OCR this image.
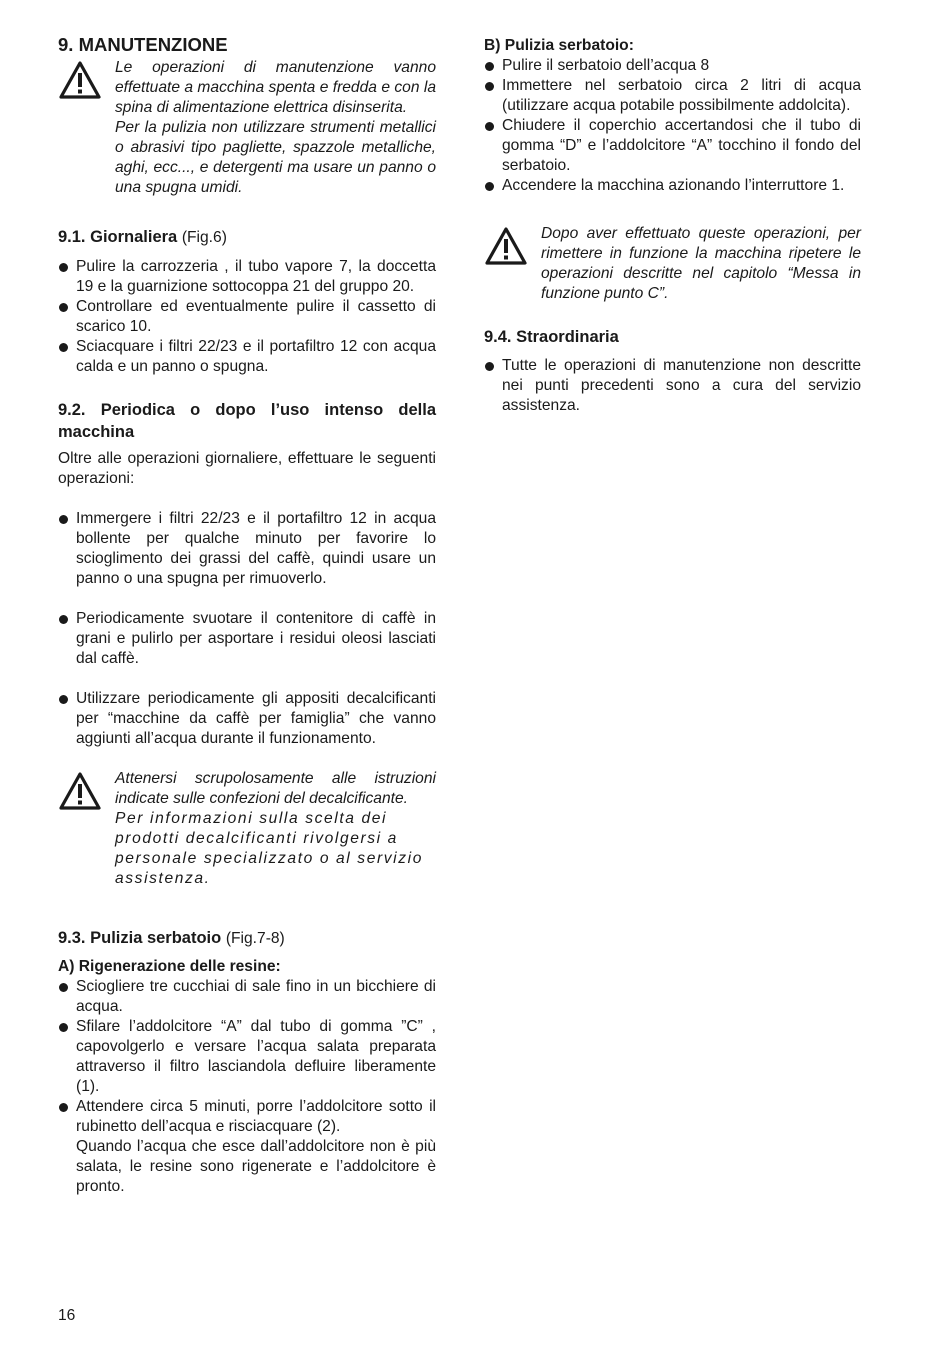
9. MANUTENZIONE

Le operazioni di manutenzione vanno effettuate a macchina spenta e fredda e con la spina di alimentazione elettrica disinserita.

Per la pulizia non utilizzare strumenti metallici o abrasivi tipo pagliette, spazzole metalliche, aghi, ecc..., e detergenti ma usare un panno o una spugna umidi.

9.1. Giornaliera (Fig.6)
Pulire la carrozzeria , il tubo vapore 7, la doccetta 19 e la guarnizione sottocoppa 21 del gruppo 20.
Controllare ed eventualmente pulire il cassetto di scarico 10.
Sciacquare i filtri 22/23 e il portafiltro 12 con acqua calda e un panno o spugna.
9.2. Periodica o dopo l’uso intenso della macchina

Oltre alle operazioni giornaliere, effettuare le seguenti operazioni:

Immergere i filtri 22/23 e il portafiltro 12 in acqua bollente per qualche minuto per favorire lo scioglimento dei grassi del caffè, quindi usare un panno o una spugna per rimuoverlo.
Periodicamente svuotare il contenitore di caffè in grani e pulirlo per asportare i residui oleosi lasciati dal caffè.
Utilizzare periodicamente gli appositi decalcificanti per “macchine da caffè per famiglia” che vanno aggiunti all’acqua durante il funzionamento.

Attenersi scrupolosamente alle istruzioni indicate sulle confezioni del decalcificante.

Per informazioni sulla scelta dei prodotti decalcificanti rivolgersi a personale specializzato o al servizio assistenza.

9.3. Pulizia serbatoio (Fig.7-8)
A) Rigenerazione delle resine:
Sciogliere tre cucchiai di sale fino in un bicchiere di acqua.
Sfilare l’addolcitore “A” dal tubo di gomma ”C” , capovolgerlo e versare l’acqua salata preparata attraverso il filtro lasciandola defluire liberamente (1).
Attendere circa 5 minuti, porre l’addolcitore sotto il rubinetto dell’acqua e risciacquare (2).
Quando l’acqua che esce dall’addolcitore non è più salata, le resine sono rigenerate e l’addolcitore è pronto.
B) Pulizia serbatoio:
Pulire il serbatoio dell’acqua 8
Immettere nel serbatoio circa 2 litri di acqua (utilizzare acqua potabile possibilmente addolcita).
Chiudere il coperchio accertandosi che il tubo di gomma “D” e l’addolcitore “A” tocchino il fondo del serbatoio.
Accendere la macchina azionando l’interruttore 1.

Dopo aver effettuato queste operazioni, per rimettere in funzione la macchina ripetere le operazioni descritte nel capitolo “Messa in funzione punto C”.

9.4. Straordinaria
Tutte le operazioni di manutenzione non descritte nei punti precedenti sono a cura del servizio assistenza.
16
